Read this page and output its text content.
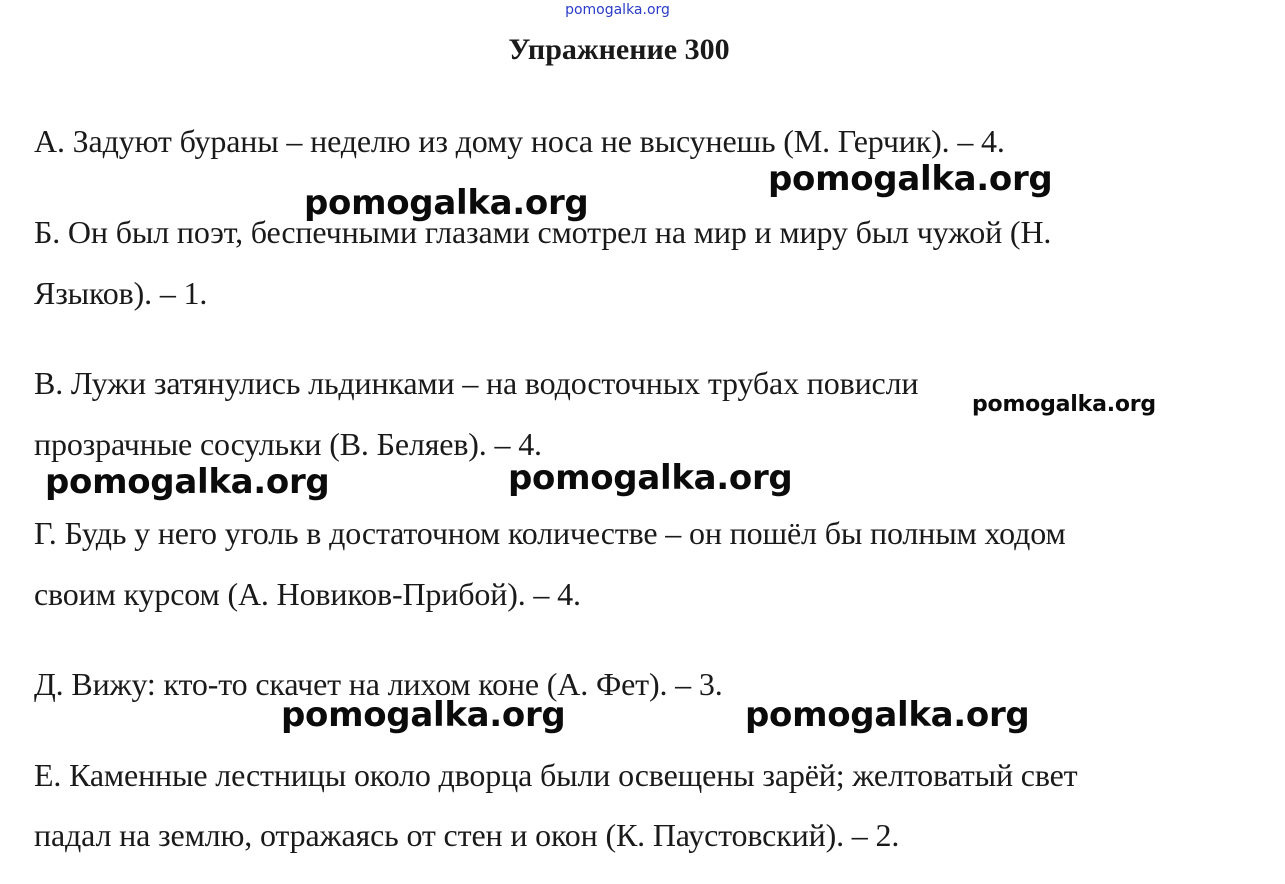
pomogalka.org
Упражнение 300
А. Задуют бураны – неделю из дому носа не высунешь (М. Герчик). – 4.
Б. Он был поэт, беспечными глазами смотрел на мир и миру был чужой (Н.
Языков). – 1.
В. Лужи затянулись льдинками – на водосточных трубах повисли
прозрачные сосульки (В. Беляев). – 4.
Г. Будь у него уголь в достаточном количестве – он пошёл бы полным ходом
своим курсом (А. Новиков-Прибой). – 4.
Д. Вижу: кто-то скачет на лихом коне (А. Фет). – 3.
Е. Каменные лестницы около дворца были освещены зарёй; желтоватый свет
падал на землю, отражаясь от стен и окон (К. Паустовский). – 2.
pomogalka.org
pomogalka.org
pomogalka.org
pomogalka.org	pomogalka.org
pomogalka.org	pomogalka.org
